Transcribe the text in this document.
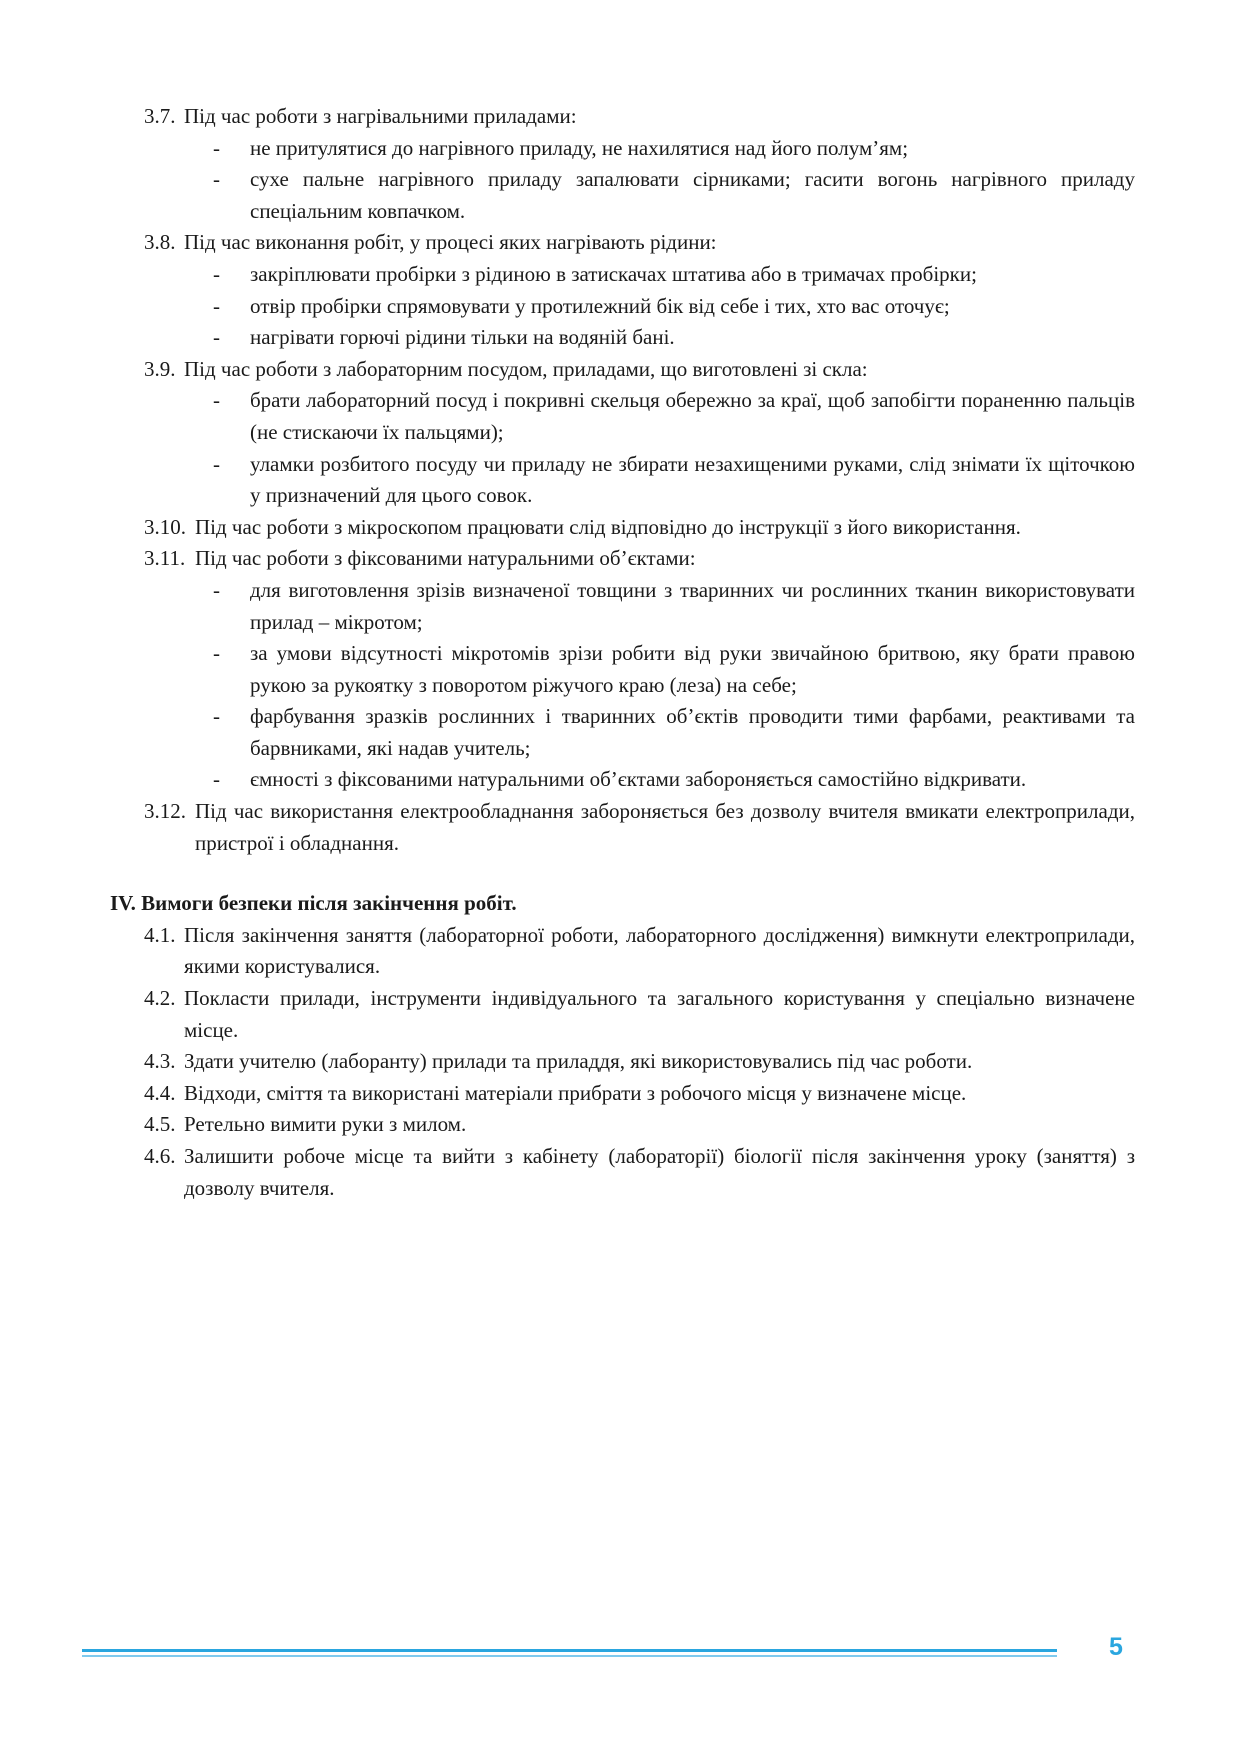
3.7. Під час роботи з нагрівальними приладами:
- не притулятися до нагрівного приладу, не нахилятися над його полум’ям;
- сухе пальне нагрівного приладу запалювати сірниками; гасити вогонь нагрівного приладу спеціальним ковпачком.
3.8. Під час виконання робіт, у процесі яких нагрівають рідини:
- закріплювати пробірки з рідиною в затискачах штатива або в тримачах пробірки;
- отвір пробірки спрямовувати у протилежний бік від себе і тих, хто вас оточує;
- нагрівати горючі рідини тільки на водяній бані.
3.9. Під час роботи з лабораторним посудом, приладами, що виготовлені зі скла:
- брати лабораторний посуд і покривні скельця обережно за краї, щоб запобігти пораненню пальців (не стискаючи їх пальцями);
- уламки розбитого посуду чи приладу не збирати незахищеними руками, слід знімати їх щіточкою у призначений для цього совок.
3.10. Під час роботи з мікроскопом працювати слід відповідно до інструкції з його використання.
3.11. Під час роботи з фіксованими натуральними об’єктами:
- для виготовлення зрізів визначеної товщини з тваринних чи рослинних тканин використовувати прилад – мікротом;
- за умови відсутності мікротомів зрізи робити від руки звичайною бритвою, яку брати правою рукою за рукоятку з поворотом ріжучого краю (леза) на себе;
- фарбування зразків рослинних і тваринних об’єктів проводити тими фарбами, реактивами та барвниками, які надав учитель;
- ємності з фіксованими натуральними об’єктами забороняється самостійно відкривати.
3.12. Під час використання електрообладнання забороняється без дозволу вчителя вмикати електроприлади, пристрої і обладнання.
IV. Вимоги безпеки після закінчення робіт.
4.1. Після закінчення заняття (лабораторної роботи, лабораторного дослідження) вимкнути електроприлади, якими користувалися.
4.2. Покласти прилади, інструменти індивідуального та загального користування у спеціально визначене місце.
4.3. Здати учителю (лаборанту) прилади та приладдя, які використовувались під час роботи.
4.4. Відходи, сміття та використані матеріали прибрати з робочого місця у визначене місце.
4.5. Ретельно вимити руки з милом.
4.6. Залишити робоче місце та вийти з кабінету (лабораторії) біології після закінчення уроку (заняття) з дозволу вчителя.
5
